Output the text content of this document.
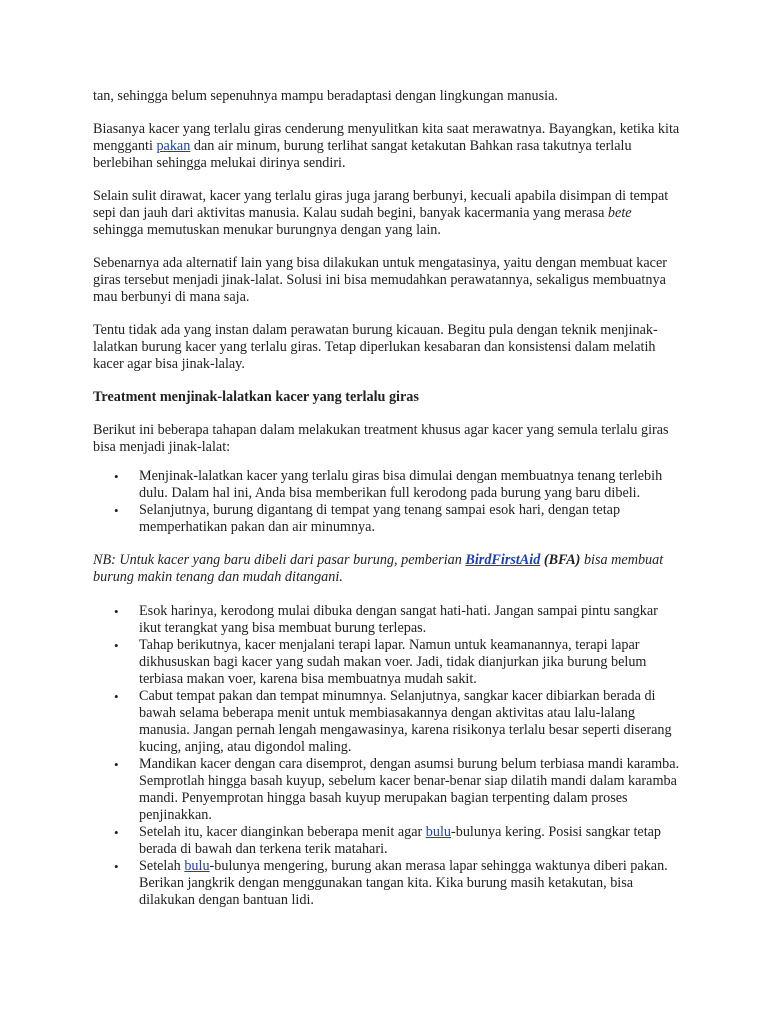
tan, sehingga belum sepenuhnya mampu beradaptasi dengan lingkungan manusia.

Biasanya kacer yang terlalu giras cenderung menyulitkan kita saat merawatnya. Bayangkan, ketika kita mengganti pakan dan air minum, burung terlihat sangat ketakutan Bahkan rasa takutnya terlalu berlebihan sehingga melukai dirinya sendiri.

Selain sulit dirawat, kacer yang terlalu giras juga jarang berbunyi, kecuali apabila disimpan di tempat sepi dan jauh dari aktivitas manusia. Kalau sudah begini, banyak kacermania yang merasa bete sehingga memutuskan menukar burungnya dengan yang lain.

Sebenarnya ada alternatif lain yang bisa dilakukan untuk mengatasinya, yaitu dengan membuat kacer giras tersebut menjadi jinak-lalat. Solusi ini bisa memudahkan perawatannya, sekaligus membuatnya mau berbunyi di mana saja.

Tentu tidak ada yang instan dalam perawatan burung kicauan. Begitu pula dengan teknik menjinak-lalatkan burung kacer yang terlalu giras. Tetap diperlukan kesabaran dan konsistensi dalam melatih kacer agar bisa jinak-lalay.

Treatment menjinak-lalatkan kacer yang terlalu giras

Berikut ini beberapa tahapan dalam melakukan treatment khusus agar kacer yang semula terlalu giras bisa menjadi jinak-lalat:

• Menjinak-lalatkan kacer yang terlalu giras bisa dimulai dengan membuatnya tenang terlebih dulu. Dalam hal ini, Anda bisa memberikan full kerodong pada burung yang baru dibeli.
• Selanjutnya, burung digantang di tempat yang tenang sampai esok hari, dengan tetap memperhatikan pakan dan air minumnya.

NB: Untuk kacer yang baru dibeli dari pasar burung, pemberian BirdFirstAid (BFA) bisa membuat burung makin tenang dan mudah ditangani.

• Esok harinya, kerodong mulai dibuka dengan sangat hati-hati. Jangan sampai pintu sangkar ikut terangkat yang bisa membuat burung terlepas.
• Tahap berikutnya, kacer menjalani terapi lapar. Namun untuk keamanannya, terapi lapar dikhususkan bagi kacer yang sudah makan voer. Jadi, tidak dianjurkan jika burung belum terbiasa makan voer, karena bisa membuatnya mudah sakit.
• Cabut tempat pakan dan tempat minumnya. Selanjutnya, sangkar kacer dibiarkan berada di bawah selama beberapa menit untuk membiasakannya dengan aktivitas atau lalu-lalang manusia. Jangan pernah lengah mengawasinya, karena risikonya terlalu besar seperti diserang kucing, anjing, atau digondol maling.
• Mandikan kacer dengan cara disemprot, dengan asumsi burung belum terbiasa mandi karamba. Semprotlah hingga basah kuyup, sebelum kacer benar-benar siap dilatih mandi dalam karamba mandi. Penyemprotan hingga basah kuyup merupakan bagian terpenting dalam proses penjinakkan.
• Setelah itu, kacer dianginkan beberapa menit agar bulu-bulunya kering. Posisi sangkar tetap berada di bawah dan terkena terik matahari.
• Setelah bulu-bulunya mengering, burung akan merasa lapar sehingga waktunya diberi pakan. Berikan jangkrik dengan menggunakan tangan kita. Kika burung masih ketakutan, bisa dilakukan dengan bantuan lidi.
